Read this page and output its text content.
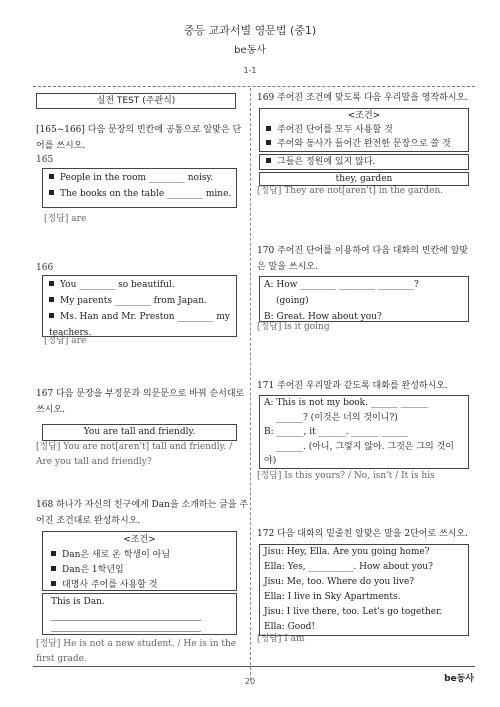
중등 교과서별 영문법 (중1)
be동사
1-1
실전 TEST (주관식)
[165~166] 다음 문장의 빈칸에 공통으로 알맞은 단어를 쓰시오.
165
People in the room ________ noisy.
The books on the table ________ mine.
[정답] are
166
You ________ so beautiful.
My parents ________ from Japan.
Ms. Han and Mr. Preston ________ my
teachers.
[정답] are
167 다음 문장을 부정문과 의문문으로 바꿔 순서대로
쓰시오.
You are tall and friendly.
[정답] You are not[aren't] tall and friendly. /
Are you tall and friendly?
168 하나가 자신의 친구에게 Dan을 소개하는 글을 주
어진 조건대로 완성하시오.
<조건>
Dan은 새로 온 학생이 아님
Dan은 1학년임
대명사 주어를 사용할 것
This is Dan.
[정답] He is not a new student. / He is in the
first grade.
169 주어진 조건에 맞도록 다음 우리말을 영작하시오.
<조건>
주어진 단어를 모두 사용할 것
주어와 동사가 들어간 완전한 문장으로 쓸 것
그들은 정원에 있지 않다.
they, garden
[정답] They are not[aren't] in the garden.
170 주어진 단어를 이용하여 다음 대화의 빈칸에 알맞
은 말을 쓰시오.
A: How ________ ________ ________?
(going)
B: Great. How about you?
[정답] is it going
171 주어진 우리말과 같도록 대화를 완성하시오.
A: This is not my book. ______ ______
______? (이것은 너의 것이니?)
B: ______, it ______. ______ ______
______. (아니, 그렇지 않아. 그것은 그의 것이
야)
[정답] Is this yours? / No, isn't / It is his
172 다음 대화의 밑줄친 알맞은 말을 2단어로 쓰시오.
Jisu: Hey, Ella. Are you going home?
Ella: Yes, __________. How about you?
Jisu: Me, too. Where do you live?
Ella: I live in Sky Apartments.
Jisu: I live there, too. Let's go together.
Ella: Good!
[정답] I am
20	be동사
